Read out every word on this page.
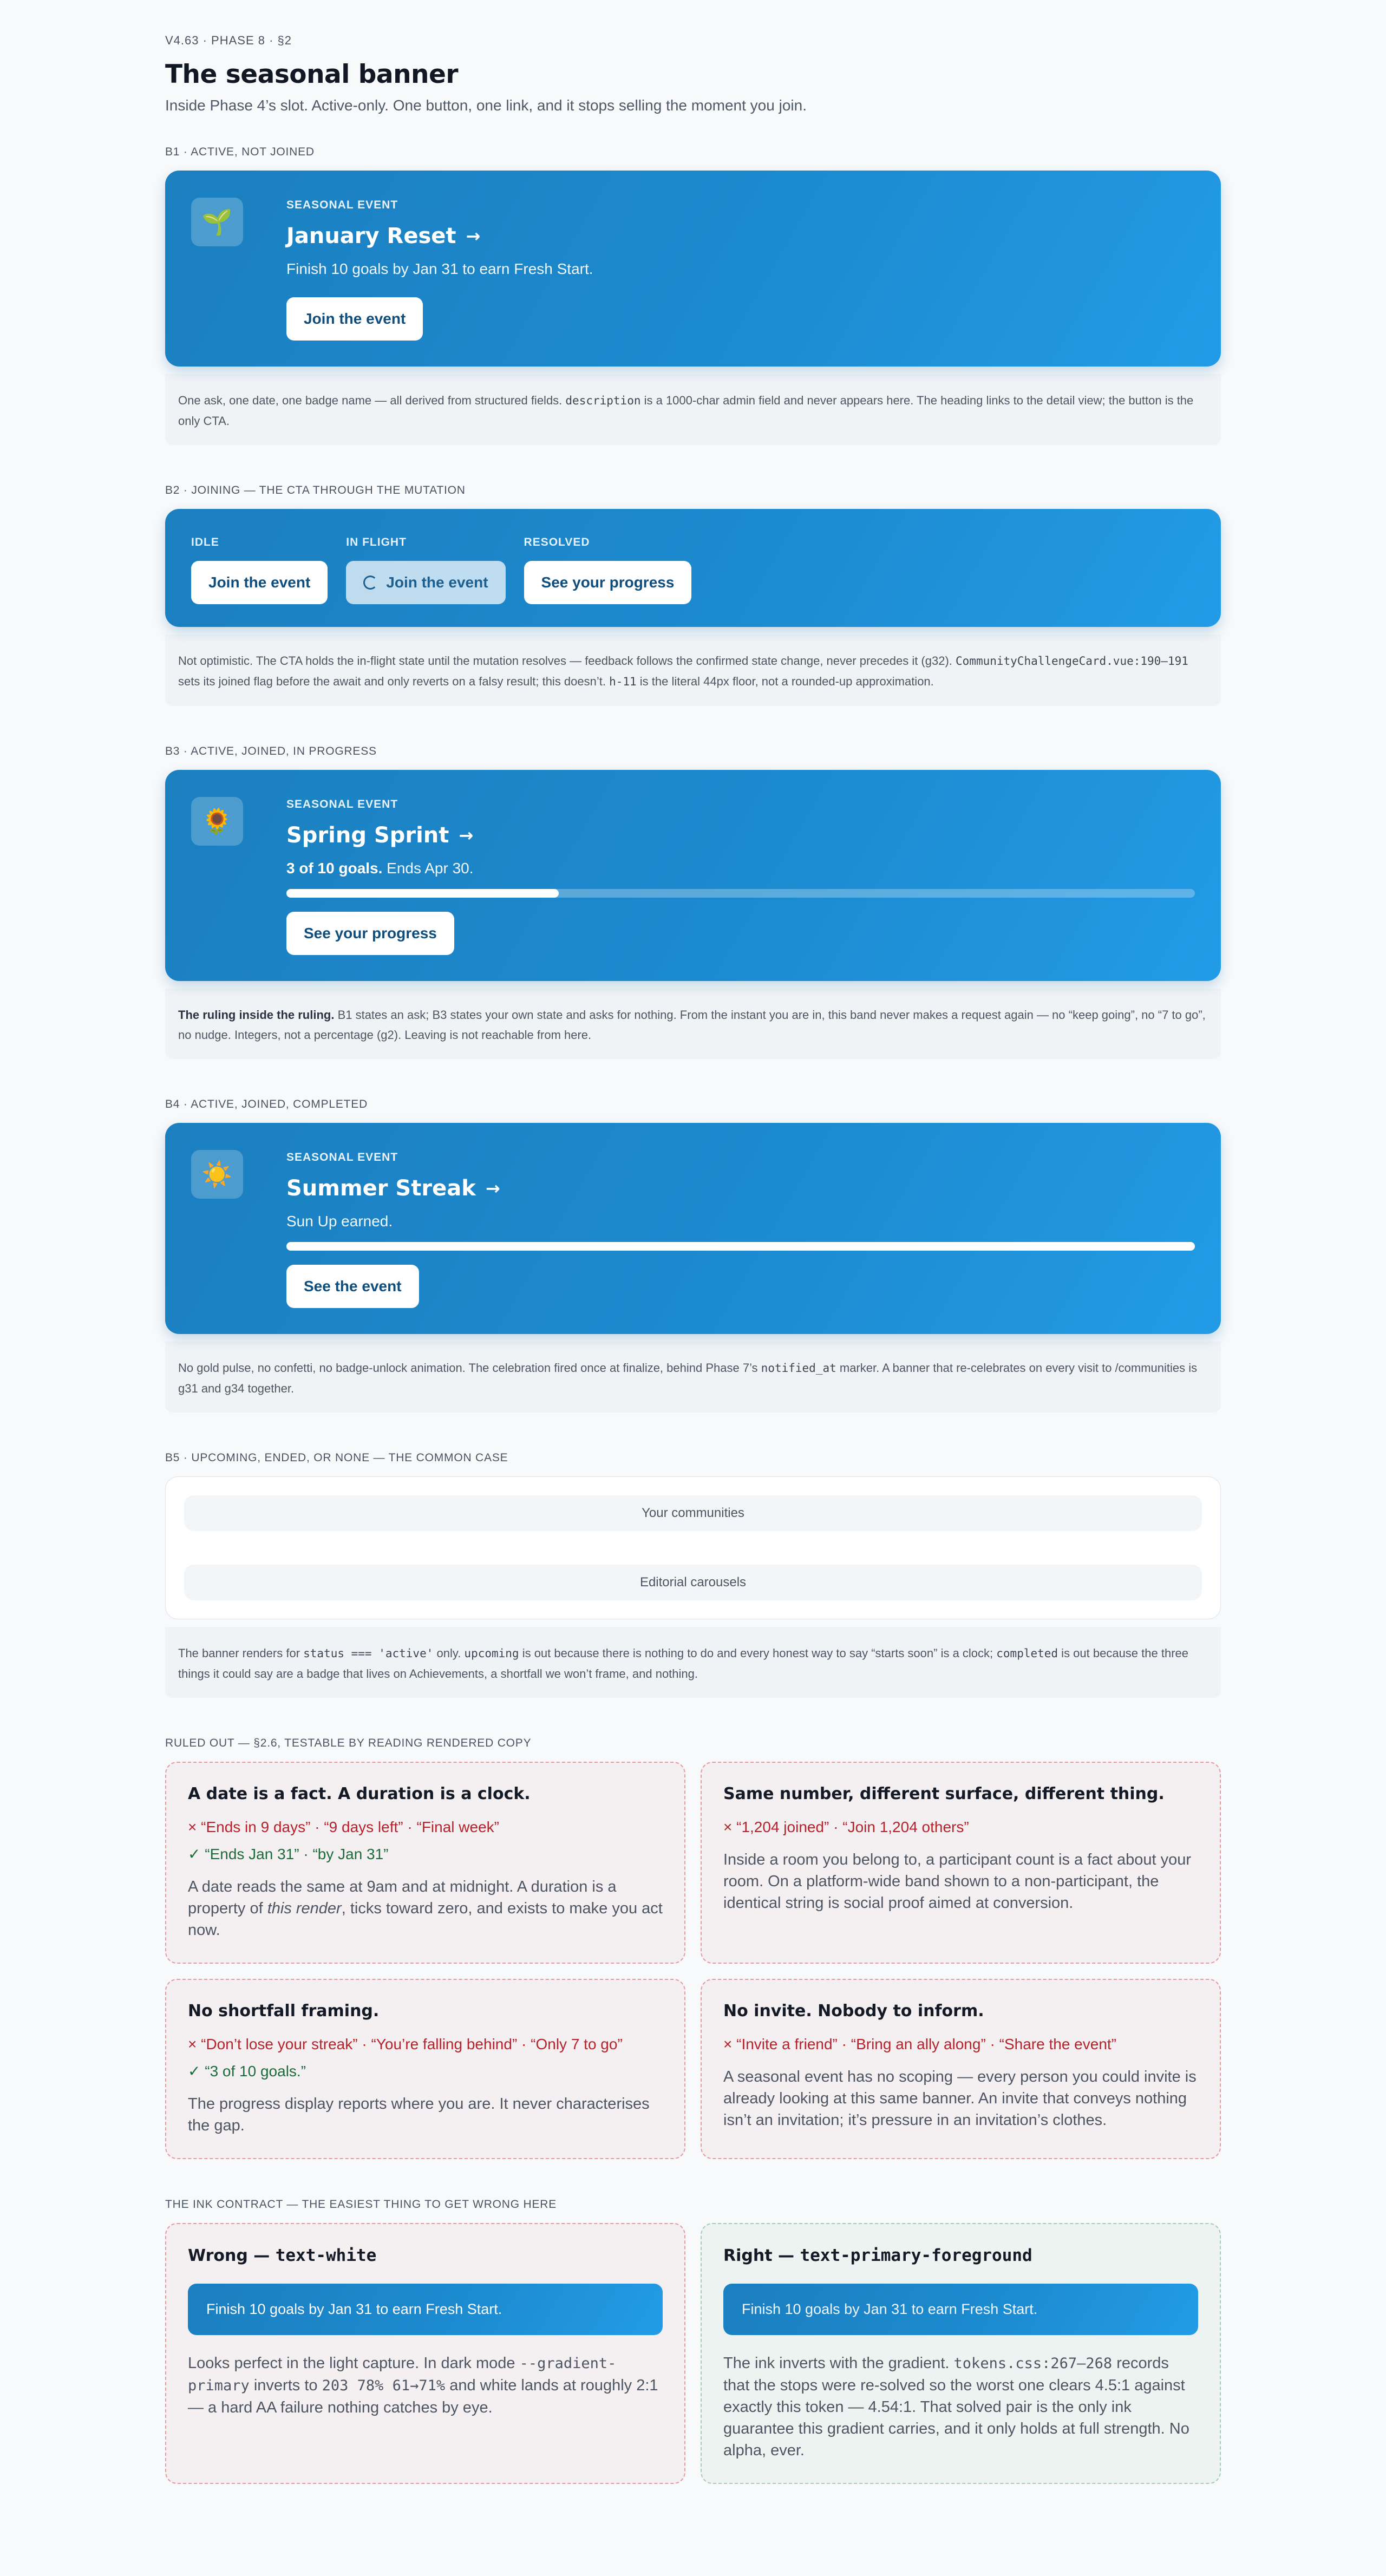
V4.63 · PHASE 8 · §2
The seasonal banner

Inside Phase 4’s slot. Active-only. One button, one link, and it stops selling the moment you join.

B1 · ACTIVE, NOT JOINED
🌱
SEASONAL EVENT
January Reset →
Finish 10 goals by Jan 31 to earn Fresh Start.
Join the event
One ask, one date, one badge name — all derived from structured fields. description is a 1000-char admin field and never appears here. The heading links to the detail view; the button is the only CTA.
B2 · JOINING — THE CTA THROUGH THE MUTATION
IDLE
Join the event
IN FLIGHT
Join the event
RESOLVED
See your progress
Not optimistic. The CTA holds the in-flight state until the mutation resolves — feedback follows the confirmed state change, never precedes it (g32). CommunityChallengeCard.vue:190–191 sets its joined flag before the await and only reverts on a falsy result; this doesn’t. h-11 is the literal 44px floor, not a rounded-up approximation.
B3 · ACTIVE, JOINED, IN PROGRESS
🌻
SEASONAL EVENT
Spring Sprint →
3 of 10 goals. Ends Apr 30.
See your progress
The ruling inside the ruling. B1 states an ask; B3 states your own state and asks for nothing. From the instant you are in, this band never makes a request again — no “keep going”, no “7 to go”, no nudge. Integers, not a percentage (g2). Leaving is not reachable from here.
B4 · ACTIVE, JOINED, COMPLETED
☀️
SEASONAL EVENT
Summer Streak →
Sun Up earned.
See the event
No gold pulse, no confetti, no badge-unlock animation. The celebration fired once at finalize, behind Phase 7’s notified_at marker. A banner that re-celebrates on every visit to /communities is g31 and g34 together.
B5 · UPCOMING, ENDED, OR NONE — THE COMMON CASE
Your communities
Editorial carousels
The banner renders for status === 'active' only. upcoming is out because there is nothing to do and every honest way to say “starts soon” is a clock; completed is out because the three things it could say are a badge that lives on Achievements, a shortfall we won’t frame, and nothing.
RULED OUT — §2.6, TESTABLE BY READING RENDERED COPY
A date is a fact. A duration is a clock.
× “Ends in 9 days” · “9 days left” · “Final week”
✓ “Ends Jan 31” · “by Jan 31”
A date reads the same at 9am and at midnight. A duration is a property of this render, ticks toward zero, and exists to make you act now.
Same number, different surface, different thing.
× “1,204 joined” · “Join 1,204 others”
Inside a room you belong to, a participant count is a fact about your room. On a platform-wide band shown to a non-participant, the identical string is social proof aimed at conversion.
No shortfall framing.
× “Don’t lose your streak” · “You’re falling behind” · “Only 7 to go”
✓ “3 of 10 goals.”
The progress display reports where you are. It never characterises the gap.
No invite. Nobody to inform.
× “Invite a friend” · “Bring an ally along” · “Share the event”
A seasonal event has no scoping — every person you could invite is already looking at this same banner. An invite that conveys nothing isn’t an invitation; it’s pressure in an invitation’s clothes.
THE INK CONTRACT — THE EASIEST THING TO GET WRONG HERE
Wrong — text-white
Finish 10 goals by Jan 31 to earn Fresh Start.
Looks perfect in the light capture. In dark mode --gradient-primary inverts to 203 78% 61→71% and white lands at roughly 2:1 — a hard AA failure nothing catches by eye.
Right — text-primary-foreground
Finish 10 goals by Jan 31 to earn Fresh Start.
The ink inverts with the gradient. tokens.css:267–268 records that the stops were re-solved so the worst one clears 4.5:1 against exactly this token — 4.54:1. That solved pair is the only ink guarantee this gradient carries, and it only holds at full strength. No alpha, ever.
